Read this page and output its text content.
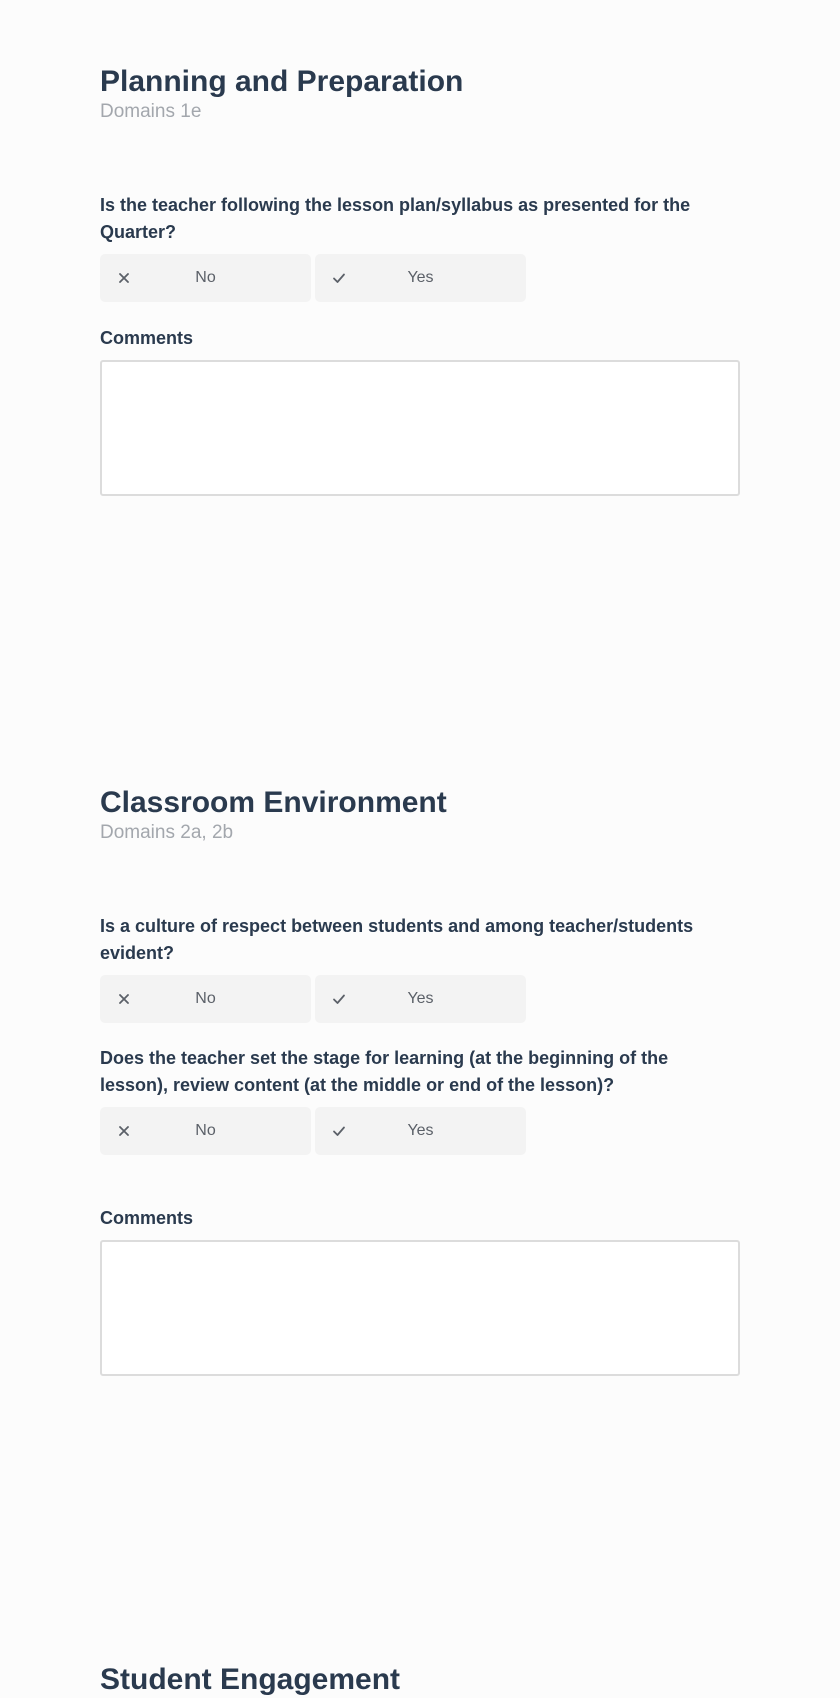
Planning and Preparation

Domains 1e

Is the teacher following the lesson plan/syllabus as presented for the Quarter?

No	Yes

Comments

Classroom Environment

Domains 2a, 2b

Is a culture of respect between students and among teacher/students evident?

No	Yes

Does the teacher set the stage for learning (at the beginning of the lesson), review content (at the middle or end of the lesson)?

No	Yes

Comments

Student Engagement
